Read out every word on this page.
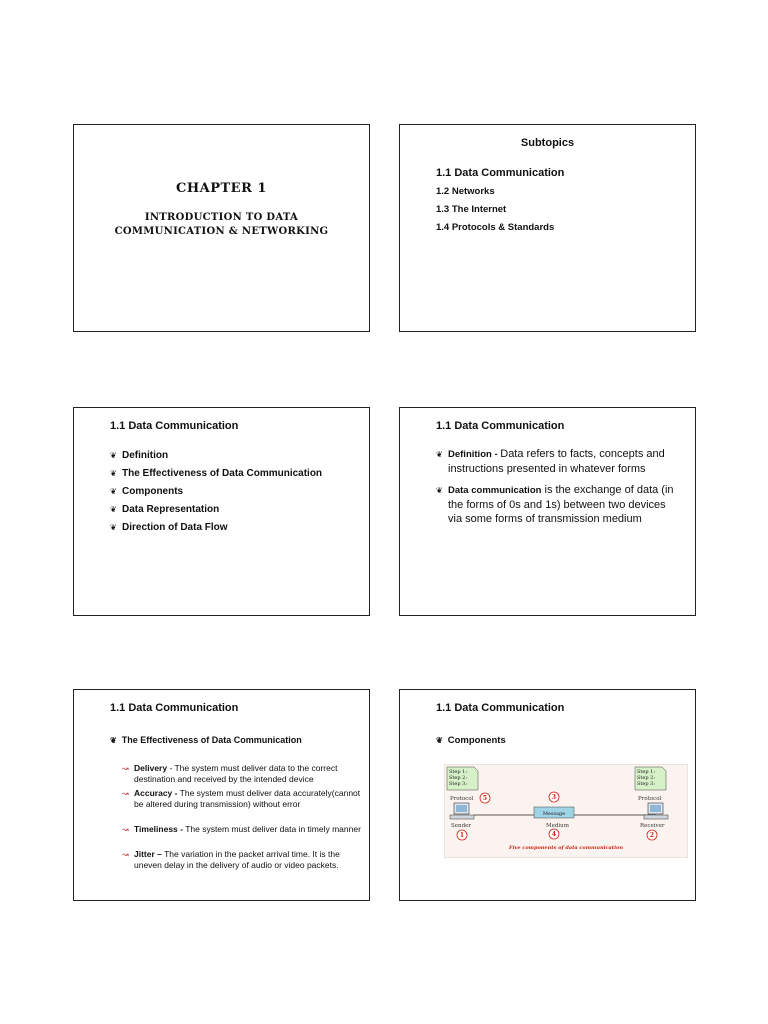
CHAPTER 1
INTRODUCTION TO DATA
COMMUNICATION & NETWORKING
Subtopics
1.1 Data Communication
1.2 Networks
1.3 The Internet
1.4 Protocols & Standards
1.1 Data Communication
❦ Definition
❦ The Effectiveness of Data Communication
❦ Components
❦ Data Representation
❦ Direction of Data Flow
1.1 Data Communication
❦ Definition - Data refers to facts, concepts and instructions presented in whatever forms
❦ Data communication is the exchange of data (in the forms of 0s and 1s) between two devices via some forms of transmission medium
1.1 Data Communication
❦ The Effectiveness of Data Communication
↝ Delivery - The system must deliver data to the correct destination and received by the intended device
↝ Accuracy - The system must deliver data accurately(cannot be altered during transmission) without error
↝ Timeliness - The system must deliver data in timely manner
↝ Jitter – The variation in the packet arrival time. It is the uneven delay in the delivery of audio or video packets.
1.1 Data Communication
❦ Components
Step 1:
Step 2:
Step 3:
Step 1:
Step 2:
Step 3:
Protocol	Protocol
5
Message
3
Sender	Medium	Receiver
1	4	2
Five components of data communication
